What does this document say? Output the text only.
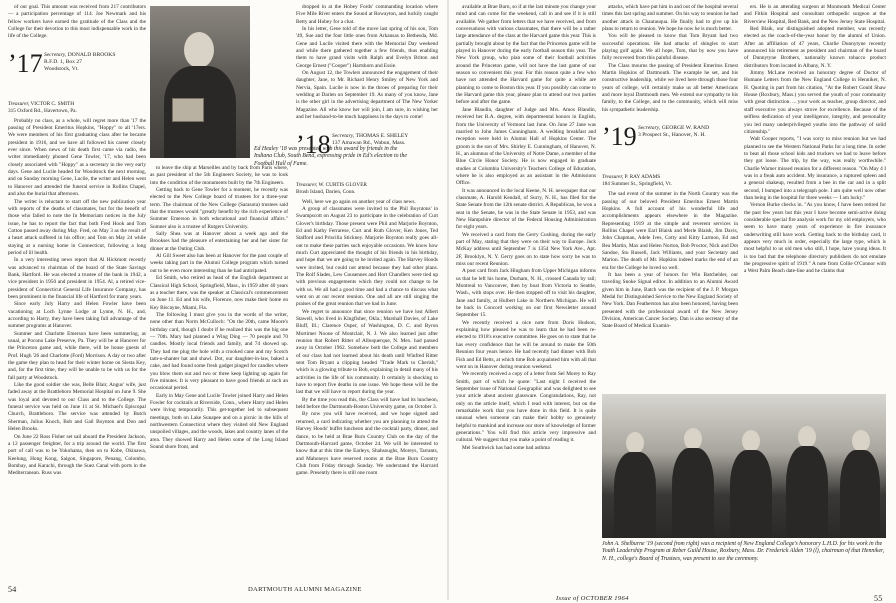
of our goal. This amount was received from 217 contributors — a participation percentage of 114. Joe Newmark and his fellow workers have earned the gratitude of the Class and the College for their devotion to this most indispensable work in the life of the College.

’17 Secretary, DONALD BROOKS
R.F.D. 1, Box 27
Woodstock, Vt.
Treasurer, VICTOR C. SMITH
315 Oxford Rd., Havertown, Pa.

Probably no class, as a whole, will regret more than '17 the passing of President Emeritus Hopkins, "Hoppy" to all '17ers. We were members of his first graduating class after he became president in 1916, and we have all followed his career closely ever since. When news of his death first came via radio, the writer immediately phoned Gene Towler, '17, who had been closely associated with "Hoppy" as a secretary in the very early days. Gene and Lucile headed for Woodstock the next morning, and on Sunday morning Gene, Lucile, the writer and Helen went to Hanover and attended the funeral service in Rollins Chapel, and also the burial that afternoon.

The writer is reluctant to start off the new publication year with reports of the deaths of classmates, but for the benefit of those who failed to note the In Memoriam notices in the July issue, he has to report the fact that both Fred Hook and Tom Cotton passed away during May. Fred, on May 3 as the result of a heart attack suffered in his office; and Tom on May 24 while staying at a nursing home in Connecticut, following a long period of ill health.

In a very interesting news report that Al Hickmott recently was advanced to chairman of the board of the State Savings Bank, Hartford. He was elected a trustee of the bank in 1942, a vice president in 1950 and president in 1954. Al, a retired vice-president of Connecticut General Life Insurance Company, has been prominent in the financial life of Hartford for many years.

Since early July Harry and Helen Fowler have been vacationing at Loch Lynne Lodge at Lynne, N. H., and, according to Harry, they have been taking full advantage of the summer programs at Hanover.

Summer and Charlotte Emerson have been summering, as usual, at Pocono Lake Preserve, Pa. They will be at Hanover for the Princeton game and, while there, will be house guests of Prof. Hugh '26 and Charlotte (Ford) Morrison. A day or two after the game they plan to head for their winter home on Siesta Key, and, for the first time, they will be unable to be with us for the fall party at Woodstock.

Like the good soldier she was, Belle Blair, Angus' wife, just faded away at the Brattleboro Memorial Hospital on June 9. She was loyal and devoted to our Class and to the College. The funeral service was held on June 11 at St. Michael's Episcopal Church, Brattleboro. The service was attended by Butch Sherman, Julius Knoch, Bob and Gail Boynton and Don and Helen Brooks.

On June 22 Ross Fisher set sail aboard the President Jackson, a 12 passenger freighter, for a trip around the world. The first port of call was to be Yokohama, then on to Kobe, Okinawa, Keelung, Hong Kong, Saigon, Singapore, Penang, Colombo, Bombay, and Karachi, through the Suez Canal with ports in the Mediterranean. Russ was

Ed Healey '18 was presented with this award by friends in the Indiana Club, South Bend, expressing pride in Ed's election to the Football Hall of Fame.

to leave the ship at Marseilles and by back from Paris where, as past president of the 5th Engineers Society, he was to look into the condition of the monuments built by the 7th Engineers.

Getting back to Gene Towler for a moment, he recently was elected to the New College board of trustees for a three-year term. The chairman of the New College (Sarasota) trustees said that the trustees would "greatly benefit by the rich experience of Summer Emerson in both educational and financial affairs." Sumner also is a trustee of Rutgers University.

Sally Shea was at Hanover about a week ago and the Brookses had the pleasure of entertaining her and her sister for dinner at the Outing Club.

Al Gill Sweet also has been at Hanover for the past couple of weeks taking part in the Alumni College program which turned out to be even more interesting than he had anticipated.

Ed Smith, who retired as head of the English department at Classical High School, Springfield, Mass., in 1959 after 40 years as a teacher there, was the speaker at Classical's commencement on June 11. Ed and his wife, Florence, now make their home on Key Biscayne, Miami, Fla.

The following I must give you in the words of the writer, none other than Norm McCulloch: "On the 20th, came Moore's birthday card, though I doubt if he realized this was the big one — 70th. Mary had planned a Wing Ding — 70 people and 70 candles. Mostly local friends and family, and 74 showed up. They had me plug the hole with a crooked cane and my Scotch tam-o-shanter hat and shawl. Dot, our daughter-in-law, baked a cake, and had found some fresh gadget pinged for candles where you blow them out and two or three keep lighting up again for five minutes. It is very pleasant to have good friends at such an occasional period.

Early in May Gene and Lucile Towler joined Harry and Helen Fowler for cocktails at Riverside, Conn., where Harry and Helen were living temporarily. This get-together led to subsequent meetings, both on Lake Sunapee and on a picnic in the hills of northwestern Connecticut where they visited old New England unspoiled villages, and the woods, lakes and country lanes of the area. They showed Harry and Helen some of the Long Island Sound shore front, and

dropped in at the Hobey Fords' commanding location where Five Mile River enters the Sound at Rowayton, and luckily caught Betty and Hobey for a chat.

In his letter, Gene told of the move last spring of his son, Tom '49, Sue and the four little ones from Arkansas to Bethesda, Md. Gene and Lucile visited there with the Memorial Day weekend and while there gathered together a few friends, thus enabling them to have grand visits with Ralph and Evelyn Briton and George Ernest ("Cooper") Hartshorn and Essie.

On August 12, the Towlers announced the engagement of their daughter, Jane, to Mr. Richard Henry Smiley of New York and Nervia, Spain. Lucile is now in the throes of preparing for their wedding at Darien on September 19. As many of you know, Jane is the other girl in the advertising department of The New Yorker Magazine. All who know her will join, I am sure, in wishing her and her husband-to-be much happiness in the days to come!

’18 Secretary, THOMAS E. SHELEY
137 Amawan Rd., Wabun, Mass.
Treasurer, W. CURTIS GLOVER
Brush Island, Darien, Conn.

Well, here we go again on another year of class news.

A group of classmates were invited to the Phil Boyntons' in Swampscott on August 23 to participate in the celebration of Curt Glover's birthday. Those present were Phil and Marjorie Boynton, Ed and Kathy Ferrarese, Curt and Ruth Glover, Ken Jones, Ted Stafford and Priscilla Stickney. Marjorie Boynton really goes all-out to make these parties such enjoyable occasions. We know how much Curt appreciated the thought of his friends in his birthday, and hope that we are going to be invited again. The Harvey Hoods were invited, but could not attend because they had other plans. The Rolf Slades, Lew Cousennes and Hort Chandlers were tied up with previous engagements which they could not change to be with us. We all had a good time and had a chance to discuss what went on at our recent reunion. One and all are still singing the praises of the great reunion that we had in June.

We regret to announce that since reunion we have lost Albert Stawell, who lived in Kingfisher, Okla.; Marshall Davies, of Lake Bluff, Ill.; Clarence Osper, of Washington, D. C. and Byron Mortimer Noone of Montclair, N. J. We also learned just after reunion that Robert Ritter of Albuquerque, N. Mex. had passed away in October 1962. Somehow both the College and members of our class had not learned about his death until Winfred Ritter sent Tom Bryant a clipping headed "Trade Mark to Cherish," which is a glowing tribute to Bob, explaining in detail many of his activities in the life of his community. It certainly is shocking to have to report five deaths in one issue. We hope these will be the last that we will have to report during the year.

By the time you read this, the Class will have had its luncheon, held before the Dartmouth-Boston University game, on October 3.

By now you will have received, and we hope signed and returned, a card indicating whether you are planning to attend the Harvey Hoods' buffet luncheon and the cocktail party, dinner, and dance, to be held at Brae Burn Country Club on the day of the Dartmouth-Harvard game, October 24. We will be interested to know that at this time the Earleys, Shahsoughs, Moreys, Tarrants, and Mahoneys have reserved rooms at the Brae Burn Country Club from Friday through Sunday. We understand the Harvard game. Presently there is still one room

54	DARTMOUTH ALUMNI MAGAZINE

available at Brae Burn, so if at the last minute you change your mind and can come for the weekend, call in and see if it is still available. We gather from letters that we have received, and from conversations with various classmates, that there will be a rather large attendance of the class at the Harvard game this year. This is partially brought about by the fact that the Princeton game will be played in Hanover during the early football season this year. The New York group, who plan some of their football activities around the Princeton game, will not have the last game of our season so convenient this year. For this reason quite a few who have not attended the Harvard game for quite a while are planning to come to Boston this year. If you possibly can come to the Harvard game this year, please plan to attend our two parties before and after the game.

Jane Blandin, daughter of Judge and Mrs. Amos Blandin, received her B.A. degree, with departmental honors in English, from the University of Vermont last June. On June 27 Jane was married to John James Cunningham. A wedding breakfast and reception were held in Alumni Hall of Hopkins Center. The groom is the son of Mrs. Shirley E. Cunningham, of Hanover, N. H., an alumnus of the University of Notre Dame, a member of the Blue Circle Honor Society. He is now engaged in graduate studies at Columbia University's Teachers College of Education, where he is also employed as an assistant in the Admissions Office.

It was announced in the local Keene, N. H. newspaper that our classmate, A. Harold Kendall, of Surry, N. H., has filed for the State Senate from the 12th senate district. A Republican, he won a seat in the Senate, he was in the State Senate in 1953, and was New Hampshire director of the Federal Housing Administration for eight years.

We received a card from the Gerry Cushing, during the early part of May, stating that they were on their way to Europe. Jack McKay address until September 7 is 1354 New York Ave., Apt. 2F, Brooklyn, N. Y. Gerry goes on to state how sorry he was to miss our recent Reunion.

A post card from Jack Hingham from Upper Michigan informs us that he left his home, Durham, N. H., crossed Canada by rail; Montreal to Vancouver, then by boat from Victoria to Seattle, Wash., with stops over. He then stopped off to visit his daughter, Jane and family, at Hulbert Lake in Northern Michigan. He will be back in Concord working on our first Newsletter around September 15.

We recently received a nice note from Doris Hudson, explaining how pleased he was to learn that he had been re-elected to 1918's executive committee. He goes on to state that he has every confidence that he will be around to make the 50th Reunion four years hence. He had recently had dinner with Bob Fish and Ed Betts, at which time Bob acquainted him with all that went on in Hanover during reunion weekend.

We recently received a copy of a letter from Sel Morey to Ray Smith, part of which he quote: "Last night I received the September issue of National Geographic and was delighted to see your article about ancient glassware. Congratulations, Ray, not only on the article itself, which I read with interest, but on the remarkable work that you have done in this field. It is quite unusual when someone can make their hobby so genuinely helpful to mankind and increase our store of knowledge of former generations." You will find this article very impressive and cultural. We suggest that you make a point of reading it.

Mel Southwick has had some bad asthma

attacks, which have put him in and out of the hospital several times this last spring and summer. On his way to reunion he had another attack in Chautauqua. He finally had to give up his plans to return to reunion. We hope he now he is much better.

You will be pleased to know that Tom Bryant had two successful operations. He had attacks of shingles to start playing golf again. We all hope, Tom, that by now you have fully recovered from this painful disease.

The Class mourns the passing of President Emeritus Ernest Martin Hopkins of Dartmouth. The example he set, and his constructive leadership, while we lived here through those four years of college, will certainly make us all better Americans and more loyal Dartmouth men. We extend our sympathy to his family, to the College, and to the community, which will miss his sympathetic leadership.

’19 Secretary, GEORGE W. RAND
3 Prospect St., Hanover, N. H.
Treasurer, P. RAY ADAMS
184 Summer St., Springfield, Vt.

The sad event of the summer in the North Country was the passing of our beloved President Emeritus Ernest Martin Hopkins. A full account of his wonderful life and accomplishments appears elsewhere in the Magazine. Representing 1919 at the simple and reverent services in Rollins Chapel were Earl Blaisk and Merle Blaisk, Jim Davis, John Chapman, Adele Ives, Cotty and Kitty Larmon, Ed and Bea Martin, Max and Helen Norton, Bob Proctor, Nick and Dot Sandoe, Stu Russell, Jack Williams, and your Secretary and Marion. The death of Mr. Hopkins indeed marks the end of an era for the College he loved so well.

It has been a year of honors for Win Batchelder, our traveling Snoke Signal editor. In addition to an Alumni Award given him in June, Batch was the recipient of the J. P. Morgan Medal for Distinguished Service to the New England Society of New York. Dan Featherston has also been honored, having been presented with the professional award of the New Jersey Division, American Cancer Society. Dan is also secretary of the State Board of Medical Examin-

ers. He is an attending surgeon at Monmouth Medical Center and Fitkin Hospital and consultant orthopedic surgeon at the Riverview Hospital, Red Bank, and the New Jersey State Hospital.

Red Blaik, our distinguished adopted member, was recently elected as the coach-of-the-year honor by the alumni of Union. After an affiliation of 47 years, Charlie Dunnytyne recently announced his retirement as president and chairman of the board of Dunnytyne Brothers, nationally known tobacco product distributors from located in Albany, N. Y.

Jimmy McLane received an honorary degree of Doctor of Humane Letters from the New England College in Henniker, N. H. Quoting in part from his citation, "At the Robert Gould Shaw House (Roxbury, Mass.) you served the youth of your community with great distinction. ... your work as teacher, group director, and staff executive you always strove for excellence. Because of the selfless dedication of your intelligence, integrity, and personality you led many underprivileged youths into the pathway of solid citizenship."

Walt Cooper reports, "I was sorry to miss reunion but we had planned to see the Western National Parks for a long time. In order to beat all those school kids and truckers we had to leave before they got loose. The trip, by the way, was really worthwhile." Charlie Warner missed reunion for a different reason. "On May 4 I was in a freak auto accident. My insurance, a ruptured spleen and a general shakeup, resulted from a bee in the car and in a split second, I bumped into a telegraph pole. I am quite well now other than being in the hospital for three weeks — I am lucky."

Vernon Burke checks in. "As you know, I have been retired for the past few years but this year I have become semi-active doing considerable special fire analysis work for my old employers, who seem to have many years of experience in fire insurance underwriting still have work. Getting back to the birthday card, it appears very much in order, especially the large type, which is most helpful to us old men who still, I hope, have young ideas. It is too bad that the telephone directory publishers do not emulate the progressive spirit of 1919." A note from Collie O'Connor with a West Palm Beach date-line and he claims that

John A. Shelburne '19 (second from right) was a recipient of New England College's honorary L.H.D. for his work in the Youth Leadership Program at Reber Guild House, Roxbury, Mass. Dr. Frederick Alden '19 (l), chairman of that Henniker, N. H., college's Board of Trustees, was present to see the ceremony.
Issue of OCTOBER 1964	55
